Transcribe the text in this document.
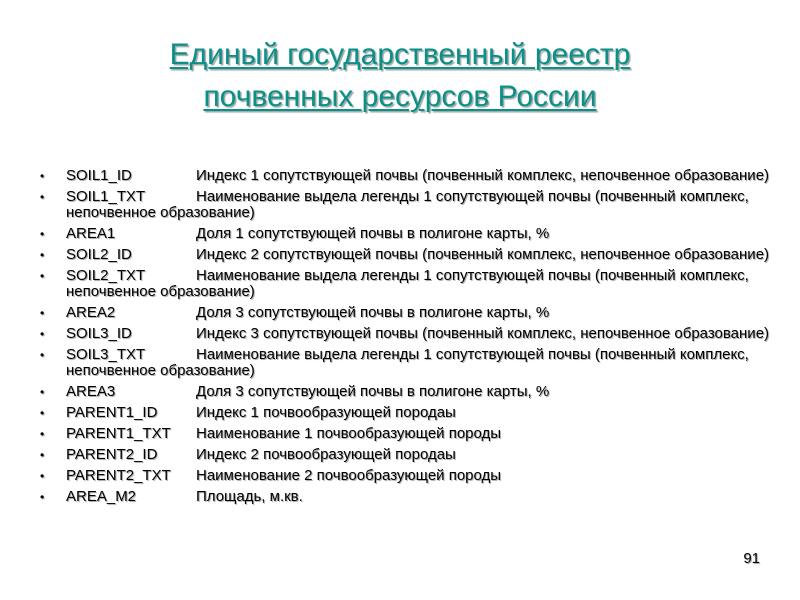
Единый государственный реестр
почвенных ресурсов России
• SOIL1_ID	Индекс 1 сопутствующей почвы (почвенный комплекс, непочвенное образование)
• SOIL1_TXT	Наименование выдела легенды 1 сопутствующей почвы (почвенный комплекс, непочвенное образование)
• AREA1	Доля 1 сопутствующей почвы в полигоне карты, %
• SOIL2_ID	Индекс 2 сопутствующей почвы (почвенный комплекс, непочвенное образование)
• SOIL2_TXT	Наименование выдела легенды 1 сопутствующей почвы (почвенный комплекс, непочвенное образование)
• AREA2	Доля 3 сопутствующей почвы в полигоне карты, %
• SOIL3_ID	Индекс 3 сопутствующей почвы (почвенный комплекс, непочвенное образование)
• SOIL3_TXT	Наименование выдела легенды 1 сопутствующей почвы (почвенный комплекс, непочвенное образование)
• AREA3	Доля 3 сопутствующей почвы в полигоне карты, %
• PARENT1_ID	Индекс 1 почвообразующей породаы
• PARENT1_TXT Наименование 1 почвообразующей породы
• PARENT2_ID	Индекс 2 почвообразующей породаы
• PARENT2_TXT Наименование 2 почвообразующей породы
• AREA_M2	Площадь, м.кв.
91
